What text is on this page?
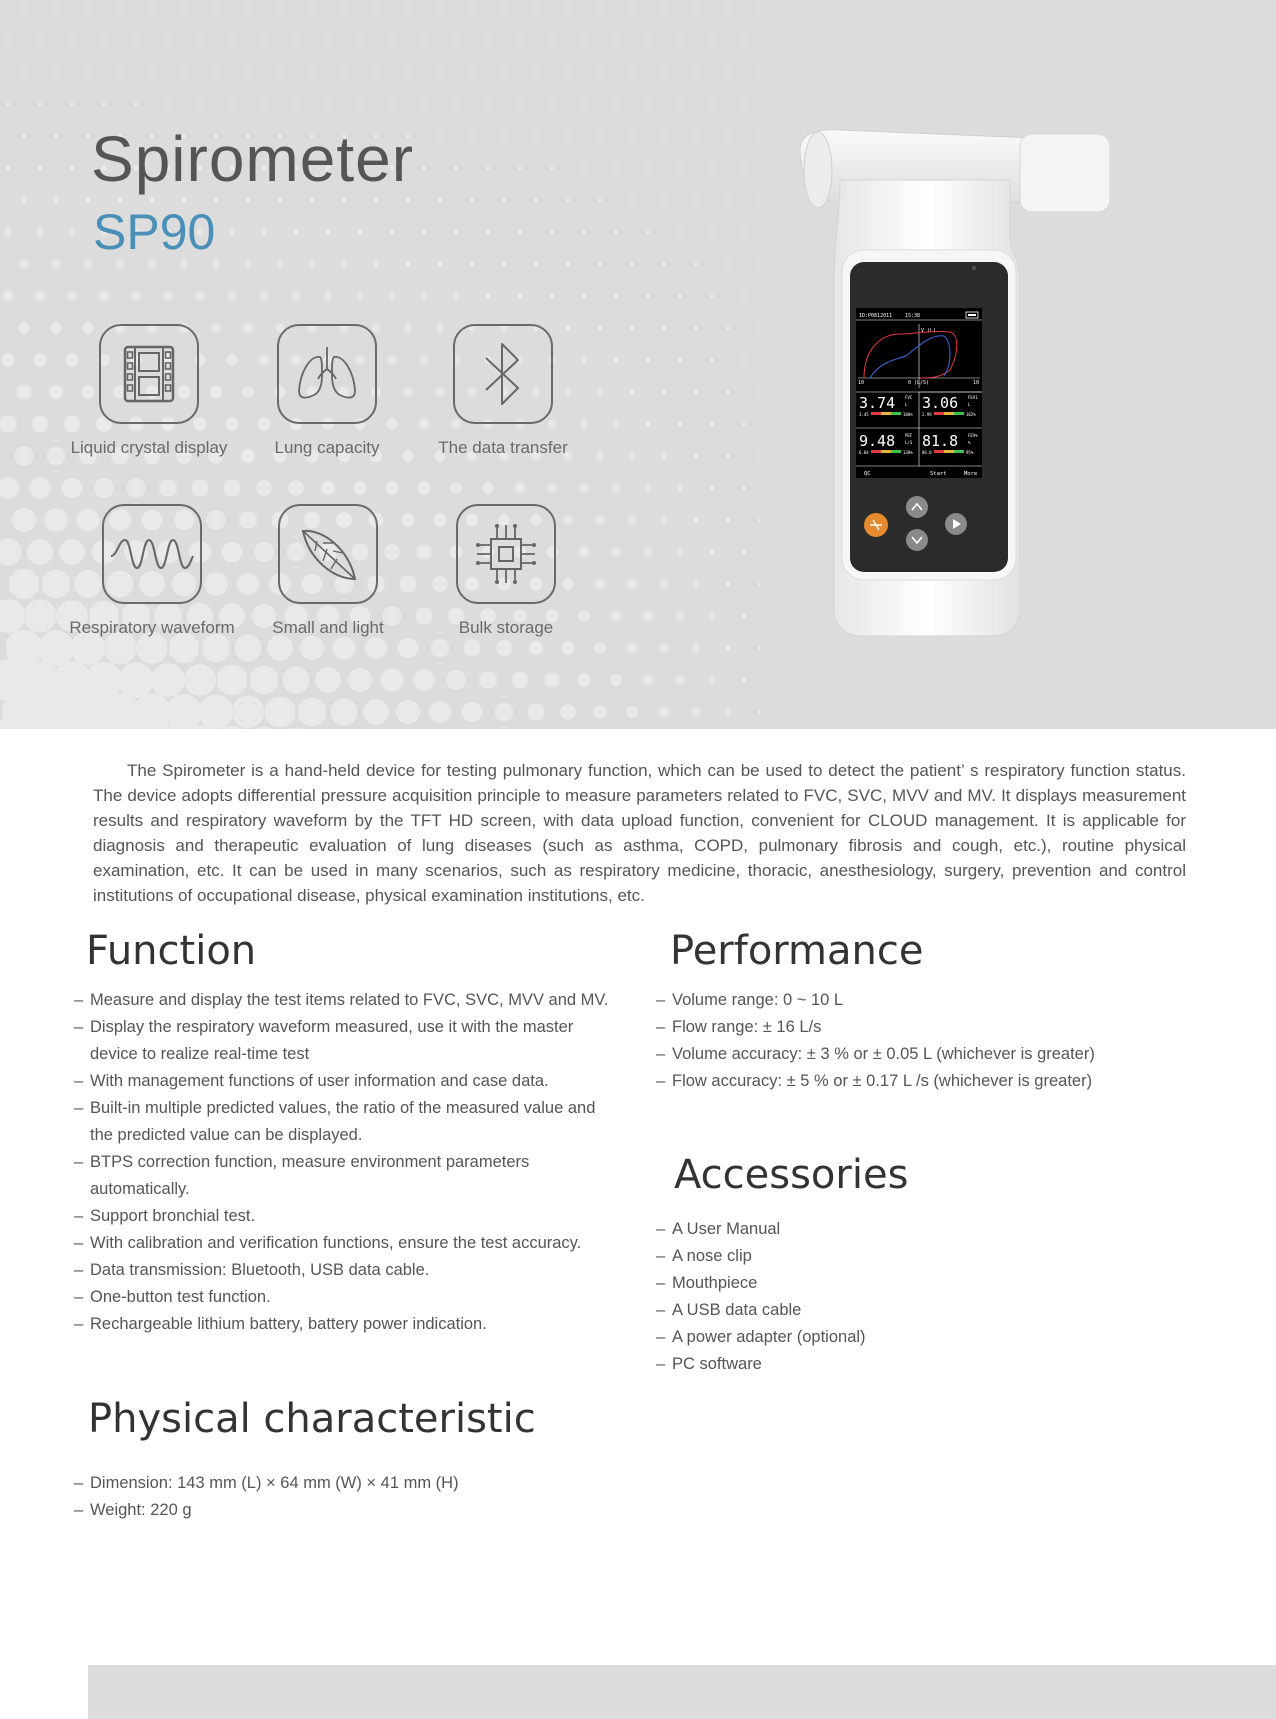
Spirometer
SP90
Liquid crystal display	Lung capacity	The data transfer
Respiratory waveform	Small and light	Bulk storage
ID:P0812011	15:38
V (L)
10	0 (L/S)	10
3.74 FVC
L
3.45	108%
3.06 FEV1
L
2.99	102%
9.48 PEF
L/S
6.84	138%
81.8 FEV%
%
86.0	95%
QC	Start	More
The Spirometer is a hand-held device for testing pulmonary function, which can be used to detect the patient’ s respiratory function status. The device adopts differential pressure acquisition principle to measure parameters related to FVC, SVC, MVV and MV. It displays measurement results and respiratory waveform by the TFT HD screen, with data upload function, convenient for CLOUD management. It is applicable for diagnosis and therapeutic evaluation of lung diseases (such as asthma, COPD, pulmonary fibrosis and cough, etc.), routine physical examination, etc. It can be used in many scenarios, such as respiratory medicine, thoracic, anesthesiology, surgery, prevention and control institutions of occupational disease, physical examination institutions, etc.
Function
– Measure and display the test items related to FVC, SVC, MVV and MV.
– Display the respiratory waveform measured, use it with the master device to realize real-time test
– With management functions of user information and case data.
– Built-in multiple predicted values, the ratio of the measured value and the predicted value can be displayed.
– BTPS correction function, measure environment parameters automatically.
– Support bronchial test.
– With calibration and verification functions, ensure the test accuracy.
– Data transmission: Bluetooth, USB data cable.
– One-button test function.
– Rechargeable lithium battery, battery power indication.
Performance
– Volume range: 0 ~ 10 L
– Flow range: ± 16 L/s
– Volume accuracy: ± 3 % or ± 0.05 L (whichever is greater)
– Flow accuracy: ± 5 % or ± 0.17 L /s (whichever is greater)
Accessories
– A User Manual
– A nose clip
– Mouthpiece
– A USB data cable
– A power adapter (optional)
– PC software
Physical characteristic
– Dimension: 143 mm (L) × 64 mm (W) × 41 mm (H)
– Weight: 220 g
